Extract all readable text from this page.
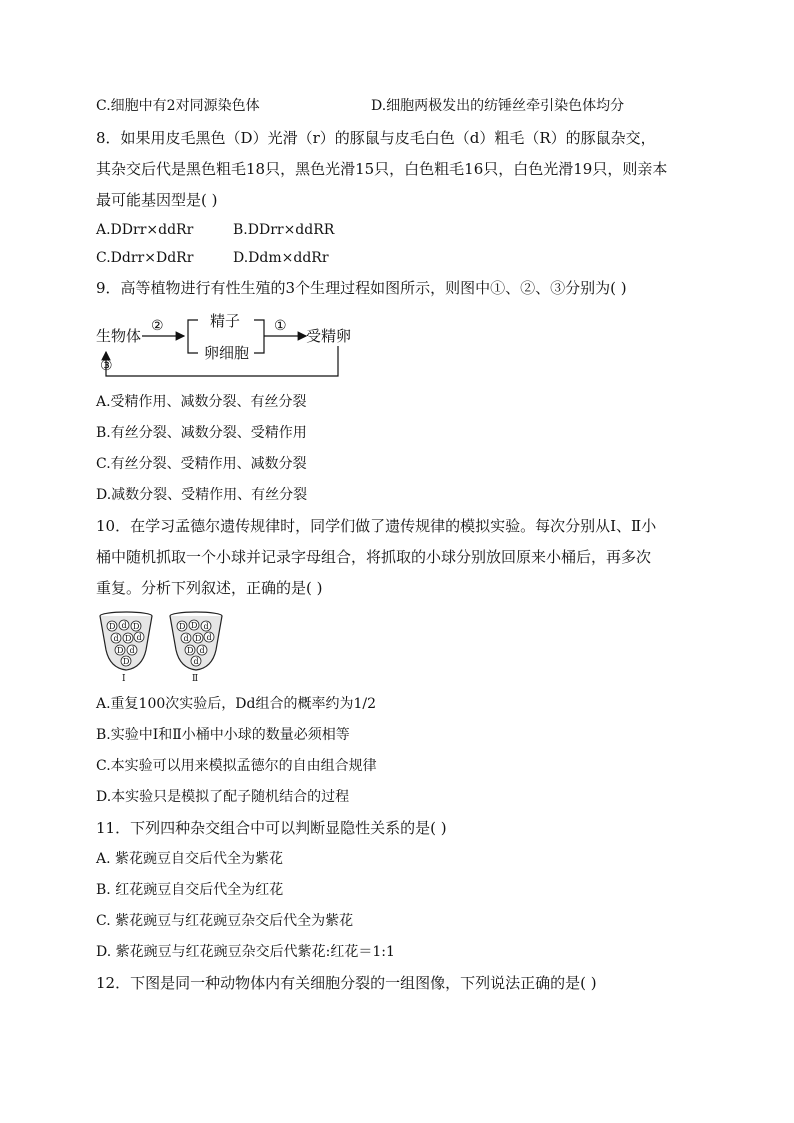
C.细胞中有2对同源染色体	D.细胞两极发出的纺锤丝牵引染色体均分
8．如果用皮毛黑色（D）光滑（r）的豚鼠与皮毛白色（d）粗毛（R）的豚鼠杂交，
其杂交后代是黑色粗毛18只，黑色光滑15只，白色粗毛16只，白色光滑19只，则亲本
最可能基因型是( )
A.DDrr×ddRr	B.DDrr×ddRR
C.Ddrr×DdRr	D.Ddm×ddRr
9．高等植物进行有性生殖的3个生理过程如图所示，则图中①、②、③分别为( )
生物体
②	精子
卵细胞
①
受精卵
③
A.受精作用、减数分裂、有丝分裂
B.有丝分裂、减数分裂、受精作用
C.有丝分裂、受精作用、减数分裂
D.减数分裂、受精作用、有丝分裂
10．在学习孟德尔遗传规律时，同学们做了遗传规律的模拟实验。每次分别从Ⅰ、Ⅱ小
桶中随机抓取一个小球并记录字母组合，将抓取的小球分别放回原来小桶后，再多次
重复。分析下列叙述，正确的是( )
D d D
d D d
D d
D
Ⅰ
D D d
d D d
D d
d
Ⅱ
A.重复100次实验后，Dd组合的概率约为1/2
B.实验中Ⅰ和Ⅱ小桶中小球的数量必须相等
C.本实验可以用来模拟孟德尔的自由组合规律
D.本实验只是模拟了配子随机结合的过程
11．下列四种杂交组合中可以判断显隐性关系的是( )
A. 紫花豌豆自交后代全为紫花
B. 红花豌豆自交后代全为红花
C. 紫花豌豆与红花豌豆杂交后代全为紫花
D. 紫花豌豆与红花豌豆杂交后代紫花:红花＝1:1
12．下图是同一种动物体内有关细胞分裂的一组图像，下列说法正确的是( )
